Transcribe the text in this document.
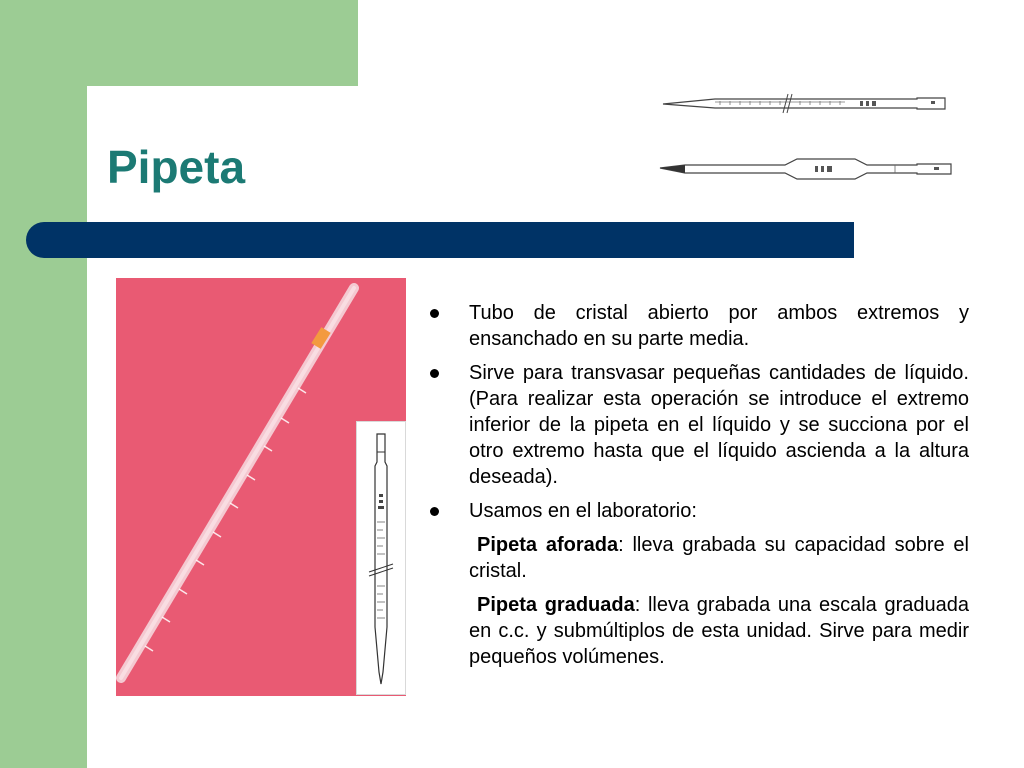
Pipeta
Tubo de cristal abierto por ambos extremos y ensanchado en su parte media.
Sirve para transvasar pequeñas cantidades de líquido. (Para realizar esta operación se introduce el extremo inferior de la pipeta en el líquido y se succiona por el otro extremo hasta que el líquido ascienda a la altura deseada).
Usamos en el laboratorio:
Pipeta aforada: lleva grabada su capacidad sobre el cristal.
Pipeta graduada: lleva grabada una escala graduada en c.c. y submúltiplos de esta unidad. Sirve para medir pequeños volúmenes.
